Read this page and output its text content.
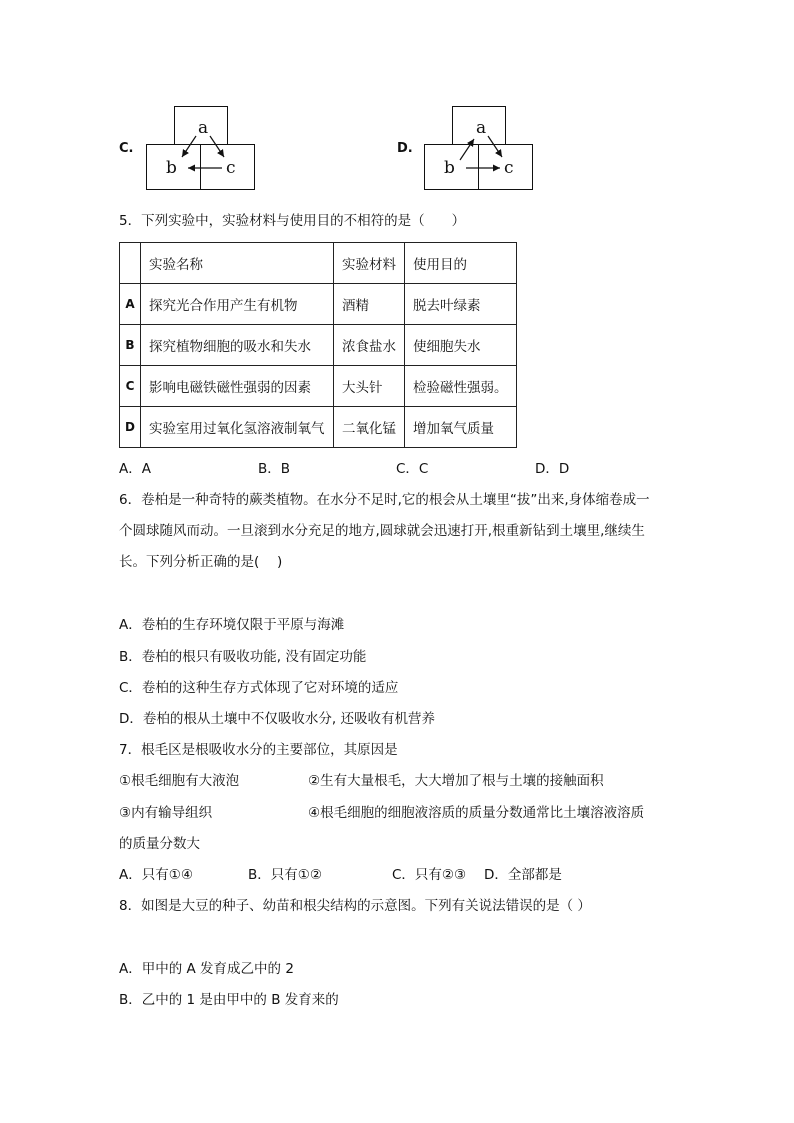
C.
a
b	c
D.
a
b	c
5．下列实验中，实验材料与使用目的不相符的是（　　）
	实验名称	实验材料	使用目的
A	探究光合作用产生有机物	酒精	脱去叶绿素
B	探究植物细胞的吸水和失水	浓食盐水	使细胞失水
C	影响电磁铁磁性强弱的因素	大头针	检验磁性强弱。
D	实验室用过氧化氢溶液制氧气	二氧化锰	增加氧气质量
A．A	B．B	C．C	D．D
6．卷柏是一种奇特的蕨类植物。在水分不足时,它的根会从土壤里“拔”出来,身体缩卷成一
个圆球随风而动。一旦滚到水分充足的地方,圆球就会迅速打开,根重新钻到土壤里,继续生
长。下列分析正确的是(　 )
A．卷柏的生存环境仅限于平原与海滩
B．卷柏的根只有吸收功能, 没有固定功能
C．卷柏的这种生存方式体现了它对环境的适应
D．卷柏的根从土壤中不仅吸收水分, 还吸收有机营养
7．根毛区是根吸收水分的主要部位，其原因是
①根毛细胞有大液泡	②生有大量根毛，大大增加了根与土壤的接触面积
③内有输导组织	④根毛细胞的细胞液溶质的质量分数通常比土壤溶液溶质
的质量分数大
A．只有①④	B．只有①②	C．只有②③ D．全部都是
8．如图是大豆的种子、幼苗和根尖结构的示意图。下列有关说法错误的是（ ）
A．甲中的 A 发育成乙中的 2
B．乙中的 1 是由甲中的 B 发育来的
